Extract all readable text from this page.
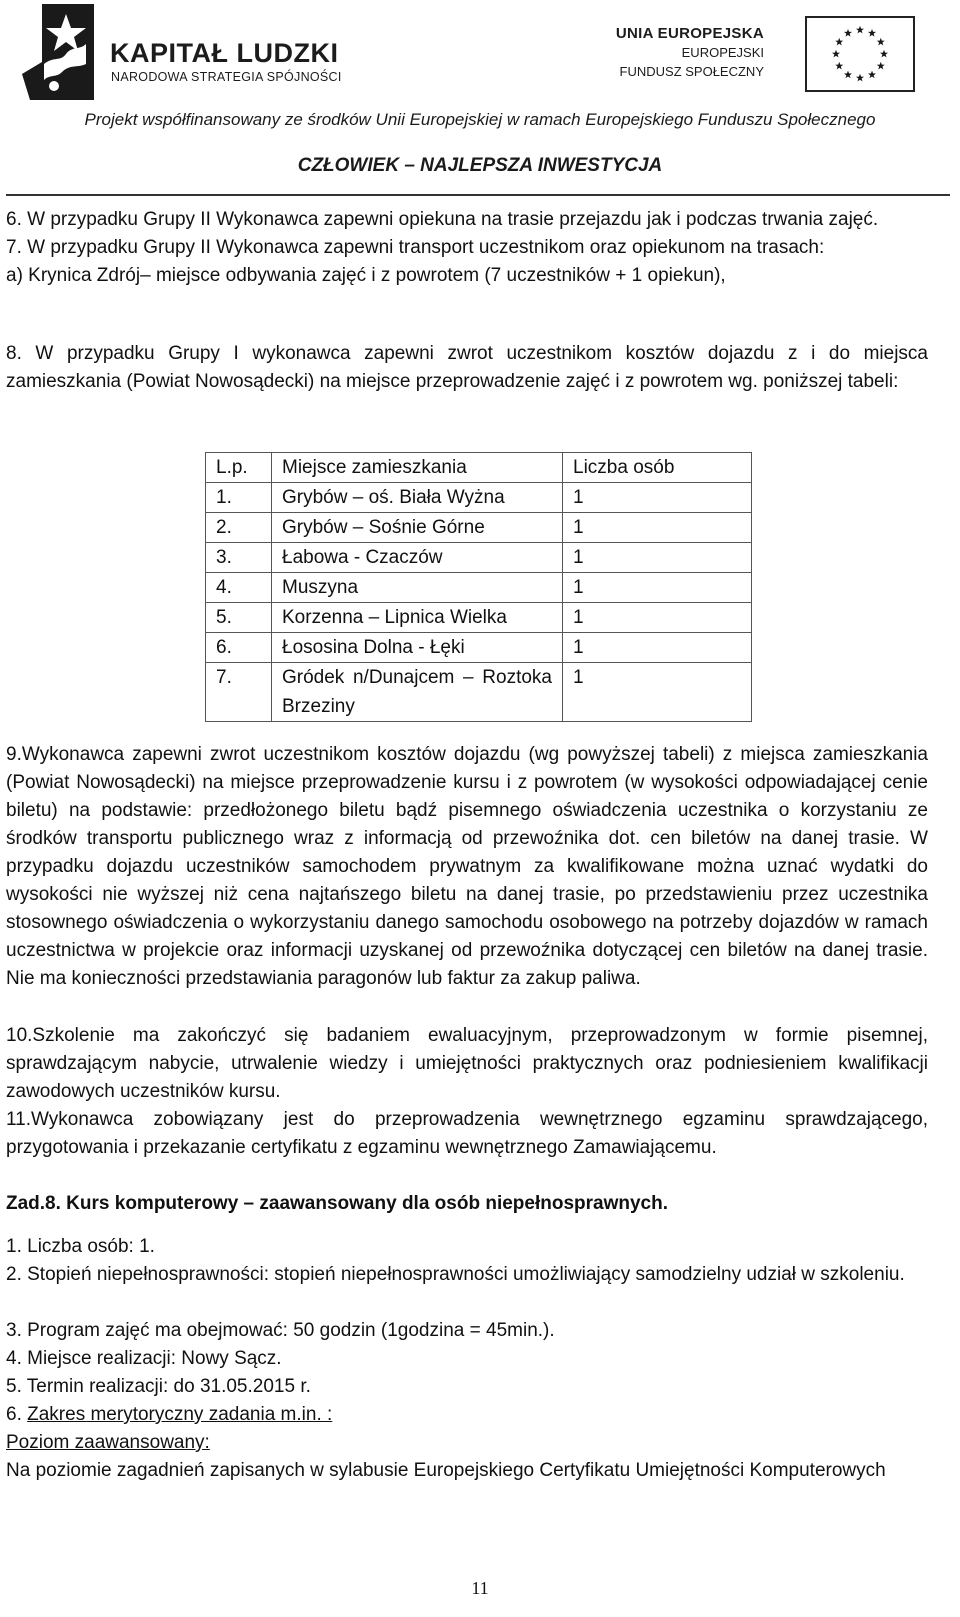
KAPITAŁ LUDZKI
NARODOWA STRATEGIA SPÓJNOŚCI
UNIA EUROPEJSKA
EUROPEJSKI
FUNDUSZ SPOŁECZNY
Projekt współfinansowany ze środków Unii Europejskiej w ramach Europejskiego Funduszu Społecznego
CZŁOWIEK – NAJLEPSZA INWESTYCJA

6. W przypadku Grupy II Wykonawca zapewni opiekuna na trasie przejazdu jak i podczas trwania zajęć.

7. W przypadku Grupy II Wykonawca zapewni transport uczestnikom oraz opiekunom na trasach:

a) Krynica Zdrój– miejsce odbywania zajęć i z powrotem (7 uczestników + 1 opiekun),

8. W przypadku Grupy I wykonawca zapewni zwrot uczestnikom kosztów dojazdu z i do miejsca zamieszkania (Powiat Nowosądecki) na miejsce przeprowadzenie zajęć i z powrotem wg. poniższej tabeli:

L.p.	Miejsce zamieszkania	Liczba osób
1.	Grybów – oś. Biała Wyżna	1
2.	Grybów – Sośnie Górne	1
3.	Łabowa - Czaczów	1
4.	Muszyna	1
5.	Korzenna – Lipnica Wielka	1
6.	Łososina Dolna - Łęki	1
7.	Gródek n/Dunajcem – Roztoka Brzeziny	1

9.Wykonawca zapewni zwrot uczestnikom kosztów dojazdu (wg powyższej tabeli) z miejsca zamieszkania (Powiat Nowosądecki) na miejsce przeprowadzenie kursu i z powrotem (w wysokości odpowiadającej cenie biletu) na podstawie: przedłożonego biletu bądź pisemnego oświadczenia uczestnika o korzystaniu ze środków transportu publicznego wraz z informacją od przewoźnika dot. cen biletów na danej trasie. W przypadku dojazdu uczestników samochodem prywatnym za kwalifikowane można uznać wydatki do wysokości nie wyższej niż cena najtańszego biletu na danej trasie, po przedstawieniu przez uczestnika stosownego oświadczenia o wykorzystaniu danego samochodu osobowego na potrzeby dojazdów w ramach uczestnictwa w projekcie oraz informacji uzyskanej od przewoźnika dotyczącej cen biletów na danej trasie. Nie ma konieczności przedstawiania paragonów lub faktur za zakup paliwa.

10.Szkolenie ma zakończyć się badaniem ewaluacyjnym, przeprowadzonym w formie pisemnej, sprawdzającym nabycie, utrwalenie wiedzy i umiejętności praktycznych oraz podniesieniem kwalifikacji zawodowych uczestników kursu.

11.Wykonawca zobowiązany jest do przeprowadzenia wewnętrznego egzaminu sprawdzającego, przygotowania i przekazanie certyfikatu z egzaminu wewnętrznego Zamawiającemu.

Zad.8. Kurs komputerowy – zaawansowany dla osób niepełnosprawnych.

1. Liczba osób: 1.

2. Stopień niepełnosprawności: stopień niepełnosprawności umożliwiający samodzielny udział w szkoleniu.

3. Program zajęć ma obejmować: 50 godzin (1godzina = 45min.).

4. Miejsce realizacji: Nowy Sącz.

5. Termin realizacji: do 31.05.2015 r.

6. Zakres merytoryczny zadania m.in. :

Poziom zaawansowany:

Na poziomie zagadnień zapisanych w sylabusie Europejskiego Certyfikatu Umiejętności Komputerowych

11
